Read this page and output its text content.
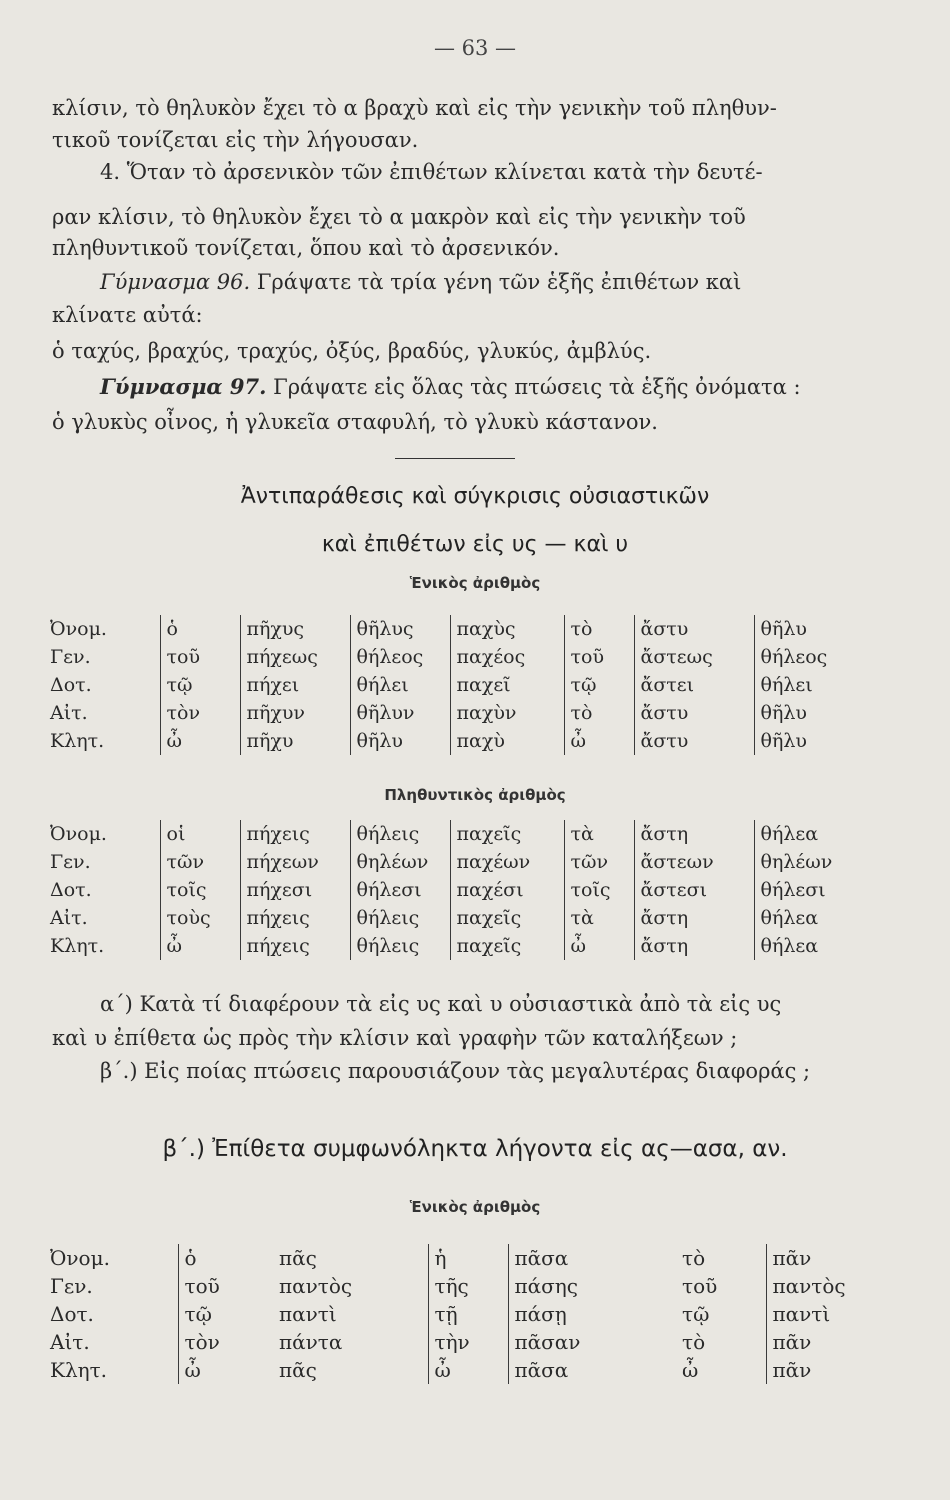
— 63 —
κλίσιν, τὸ θηλυκὸν ἔχει τὸ α βραχὺ καὶ εἰς τὴν γενικὴν τοῦ πληθυν-
τικοῦ τονίζεται εἰς τὴν λήγουσαν.
4. Ὅταν τὸ ἀρσενικὸν τῶν ἐπιθέτων κλίνεται κατὰ τὴν δευτέ-
ραν κλίσιν, τὸ θηλυκὸν ἔχει τὸ α μακρὸν καὶ εἰς τὴν γενικὴν τοῦ
πληθυντικοῦ τονίζεται, ὅπου καὶ τὸ ἀρσενικόν.
Γύμνασμα 96. Γράψατε τὰ τρία γένη τῶν ἑξῆς ἐπιθέτων καὶ
κλίνατε αὐτά:
ὁ ταχύς, βραχύς, τραχύς, ὀξύς, βραδύς, γλυκύς, ἀμβλύς.
Γύμνασμα 97. Γράψατε εἰς ὅλας τὰς πτώσεις τὰ ἑξῆς ὀνόματα :
ὁ γλυκὺς οἶνος, ἡ γλυκεῖα σταφυλή, τὸ γλυκὺ κάστανον.
Ἀντιπαράθεσις καὶ σύγκρισις οὐσιαστικῶν
καὶ ἐπιθέτων εἰς υς — καὶ υ
Ἑνικὸς ἀριθμὸς
Ὀνομ.	ὁ	πῆχυς	θῆλυς	παχὺς	τὸ	ἄστυ	θῆλυ
Γεν.	τοῦ	πήχεως	θήλεος	παχέος	τοῦ	ἄστεως	θήλεος
Δοτ.	τῷ	πήχει	θήλει	παχεῖ	τῷ	ἄστει	θήλει
Αἰτ.	τὸν	πῆχυν	θῆλυν	παχὺν	τὸ	ἄστυ	θῆλυ
Κλητ.	ὦ	πῆχυ	θῆλυ	παχὺ	ὦ	ἄστυ	θῆλυ
Πληθυντικὸς ἀριθμὸς
Ὀνομ.	οἱ	πήχεις	θήλεις	παχεῖς	τὰ	ἄστη	θήλεα
Γεν.	τῶν	πήχεων	θηλέων	παχέων	τῶν	ἄστεων	θηλέων
Δοτ.	τοῖς	πήχεσι	θήλεσι	παχέσι	τοῖς	ἄστεσι	θήλεσι
Αἰτ.	τοὺς	πήχεις	θήλεις	παχεῖς	τὰ	ἄστη	θήλεα
Κλητ.	ὦ	πήχεις	θήλεις	παχεῖς	ὦ	ἄστη	θήλεα
α΄) Κατὰ τί διαφέρουν τὰ εἰς υς καὶ υ οὐσιαστικὰ ἀπὸ τὰ εἰς υς
καὶ υ ἐπίθετα ὡς πρὸς τὴν κλίσιν καὶ γραφὴν τῶν καταλήξεων ;
β΄.) Εἰς ποίας πτώσεις παρουσιάζουν τὰς μεγαλυτέρας διαφοράς ;
β΄.) Ἐπίθετα συμφωνόληκτα λήγοντα εἰς ας—ασα, αν.
Ἑνικὸς ἀριθμὸς
Ὀνομ.	ὁ	πᾶς	ἡ	πᾶσα	τὸ	πᾶν
Γεν.	τοῦ	παντὸς	τῆς	πάσης	τοῦ	παντὸς
Δοτ.	τῷ	παντὶ	τῇ	πάσῃ	τῷ	παντὶ
Αἰτ.	τὸν	πάντα	τὴν	πᾶσαν	τὸ	πᾶν
Κλητ.	ὦ	πᾶς	ὦ	πᾶσα	ὦ	πᾶν
